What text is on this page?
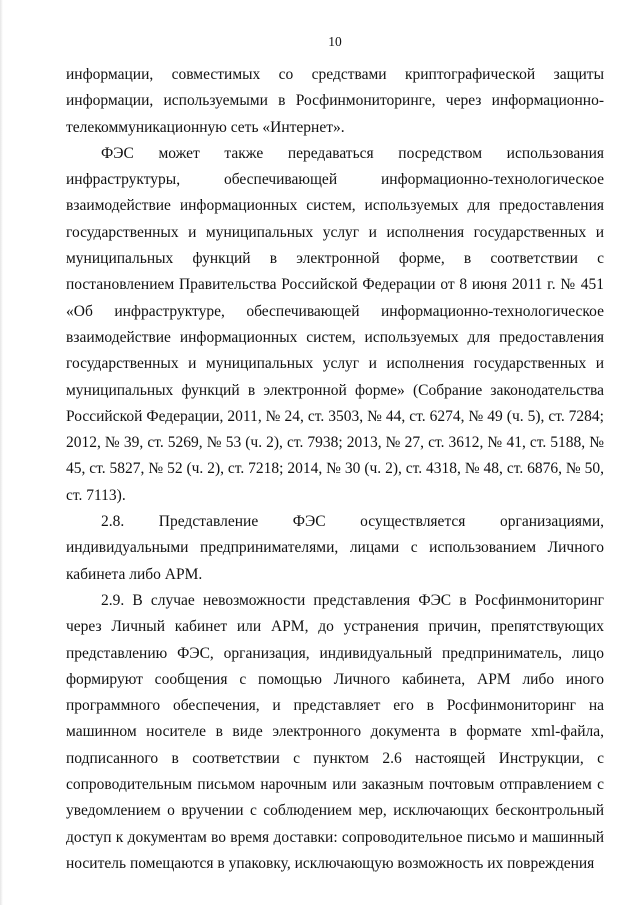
10

информации, совместимых со средствами криптографической защиты информации, используемыми в Росфинмониторинге, через информационно-телекоммуникационную сеть «Интернет».

ФЭС может также передаваться посредством использования инфраструктуры, обеспечивающей информационно-технологическое взаимодействие информационных систем, используемых для предоставления государственных и муниципальных услуг и исполнения государственных и муниципальных функций в электронной форме, в соответствии с постановлением Правительства Российской Федерации от 8 июня 2011 г. № 451 «Об инфраструктуре, обеспечивающей информационно-технологическое взаимодействие информационных систем, используемых для предоставления государственных и муниципальных услуг и исполнения государственных и муниципальных функций в электронной форме» (Собрание законодательства Российской Федерации, 2011, № 24, ст. 3503, № 44, ст. 6274, № 49 (ч. 5), ст. 7284; 2012, № 39, ст. 5269, № 53 (ч. 2), ст. 7938; 2013, № 27, ст. 3612, № 41, ст. 5188, № 45, ст. 5827, № 52 (ч. 2), ст. 7218; 2014, № 30 (ч. 2), ст. 4318, № 48, ст. 6876, № 50, ст. 7113).

2.8. Представление ФЭС осуществляется организациями, индивидуальными предпринимателями, лицами с использованием Личного кабинета либо АРМ.

2.9. В случае невозможности представления ФЭС в Росфинмониторинг через Личный кабинет или АРМ, до устранения причин, препятствующих представлению ФЭС, организация, индивидуальный предприниматель, лицо формируют сообщения с помощью Личного кабинета, АРМ либо иного программного обеспечения, и представляет его в Росфинмониторинг на машинном носителе в виде электронного документа в формате xml-файла, подписанного в соответствии с пунктом 2.6 настоящей Инструкции, с сопроводительным письмом нарочным или заказным почтовым отправлением с уведомлением о вручении с соблюдением мер, исключающих бесконтрольный доступ к документам во время доставки: сопроводительное письмо и машинный носитель помещаются в упаковку, исключающую возможность их повреждения
